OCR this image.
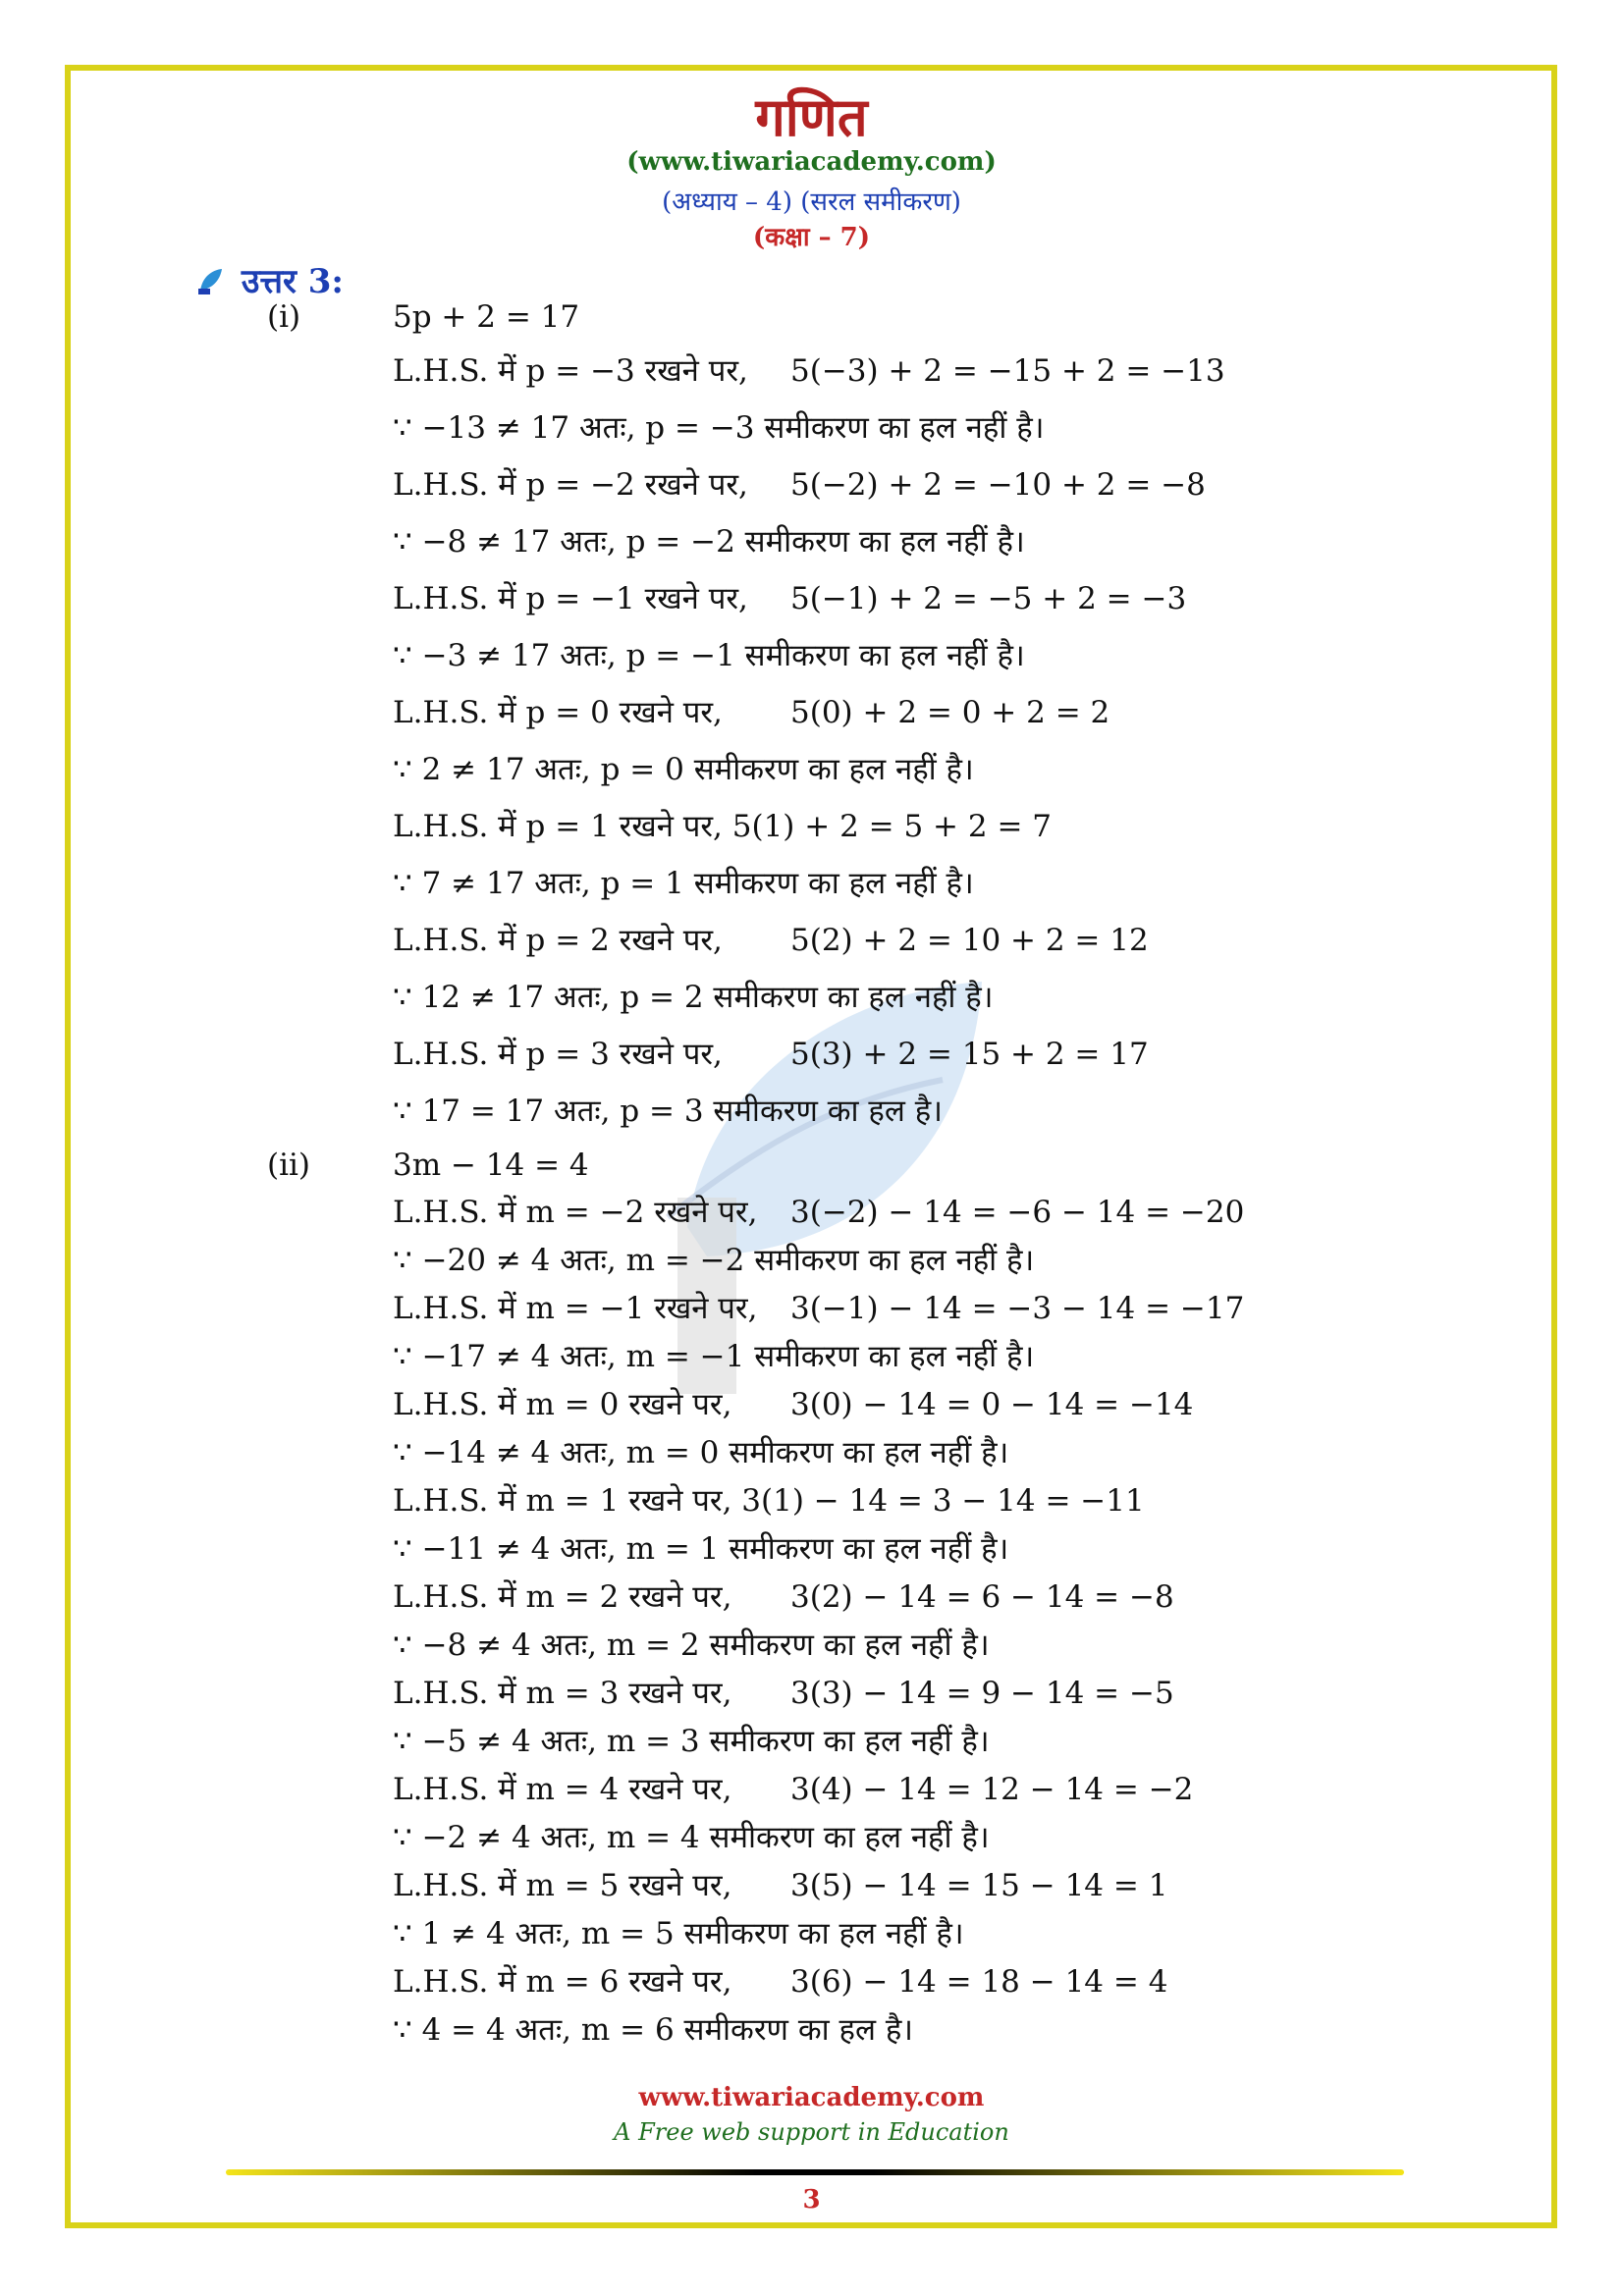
गणित
(www.tiwariacademy.com)
(अध्याय – 4) (सरल समीकरण)
(कक्षा – 7)
उत्तर 3:
(i)	5p + 2 = 17
L.H.S. में p = −3 रखने पर, 5(−3) + 2 = −15 + 2 = −13
∵ −13 ≠ 17 अतः, p = −3 समीकरण का हल नहीं है।
L.H.S. में p = −2 रखने पर, 5(−2) + 2 = −10 + 2 = −8
∵ −8 ≠ 17 अतः, p = −2 समीकरण का हल नहीं है।
L.H.S. में p = −1 रखने पर, 5(−1) + 2 = −5 + 2 = −3
∵ −3 ≠ 17 अतः, p = −1 समीकरण का हल नहीं है।
L.H.S. में p = 0 रखने पर, 5(0) + 2 = 0 + 2 = 2
∵ 2 ≠ 17 अतः, p = 0 समीकरण का हल नहीं है।
L.H.S. में p = 1 रखने पर, 5(1) + 2 = 5 + 2 = 7
∵ 7 ≠ 17 अतः, p = 1 समीकरण का हल नहीं है।
L.H.S. में p = 2 रखने पर, 5(2) + 2 = 10 + 2 = 12
∵ 12 ≠ 17 अतः, p = 2 समीकरण का हल नहीं है।
L.H.S. में p = 3 रखने पर, 5(3) + 2 = 15 + 2 = 17
∵ 17 = 17 अतः, p = 3 समीकरण का हल है।
(ii)	3m − 14 = 4
L.H.S. में m = −2 रखने पर, 3(−2) − 14 = −6 − 14 = −20
∵ −20 ≠ 4 अतः, m = −2 समीकरण का हल नहीं है।
L.H.S. में m = −1 रखने पर, 3(−1) − 14 = −3 − 14 = −17
∵ −17 ≠ 4 अतः, m = −1 समीकरण का हल नहीं है।
L.H.S. में m = 0 रखने पर, 3(0) − 14 = 0 − 14 = −14
∵ −14 ≠ 4 अतः, m = 0 समीकरण का हल नहीं है।
L.H.S. में m = 1 रखने पर, 3(1) − 14 = 3 − 14 = −11
∵ −11 ≠ 4 अतः, m = 1 समीकरण का हल नहीं है।
L.H.S. में m = 2 रखने पर, 3(2) − 14 = 6 − 14 = −8
∵ −8 ≠ 4 अतः, m = 2 समीकरण का हल नहीं है।
L.H.S. में m = 3 रखने पर, 3(3) − 14 = 9 − 14 = −5
∵ −5 ≠ 4 अतः, m = 3 समीकरण का हल नहीं है।
L.H.S. में m = 4 रखने पर, 3(4) − 14 = 12 − 14 = −2
∵ −2 ≠ 4 अतः, m = 4 समीकरण का हल नहीं है।
L.H.S. में m = 5 रखने पर, 3(5) − 14 = 15 − 14 = 1
∵ 1 ≠ 4 अतः, m = 5 समीकरण का हल नहीं है।
L.H.S. में m = 6 रखने पर, 3(6) − 14 = 18 − 14 = 4
∵ 4 = 4 अतः, m = 6 समीकरण का हल है।
www.tiwariacademy.com
A Free web support in Education
3
